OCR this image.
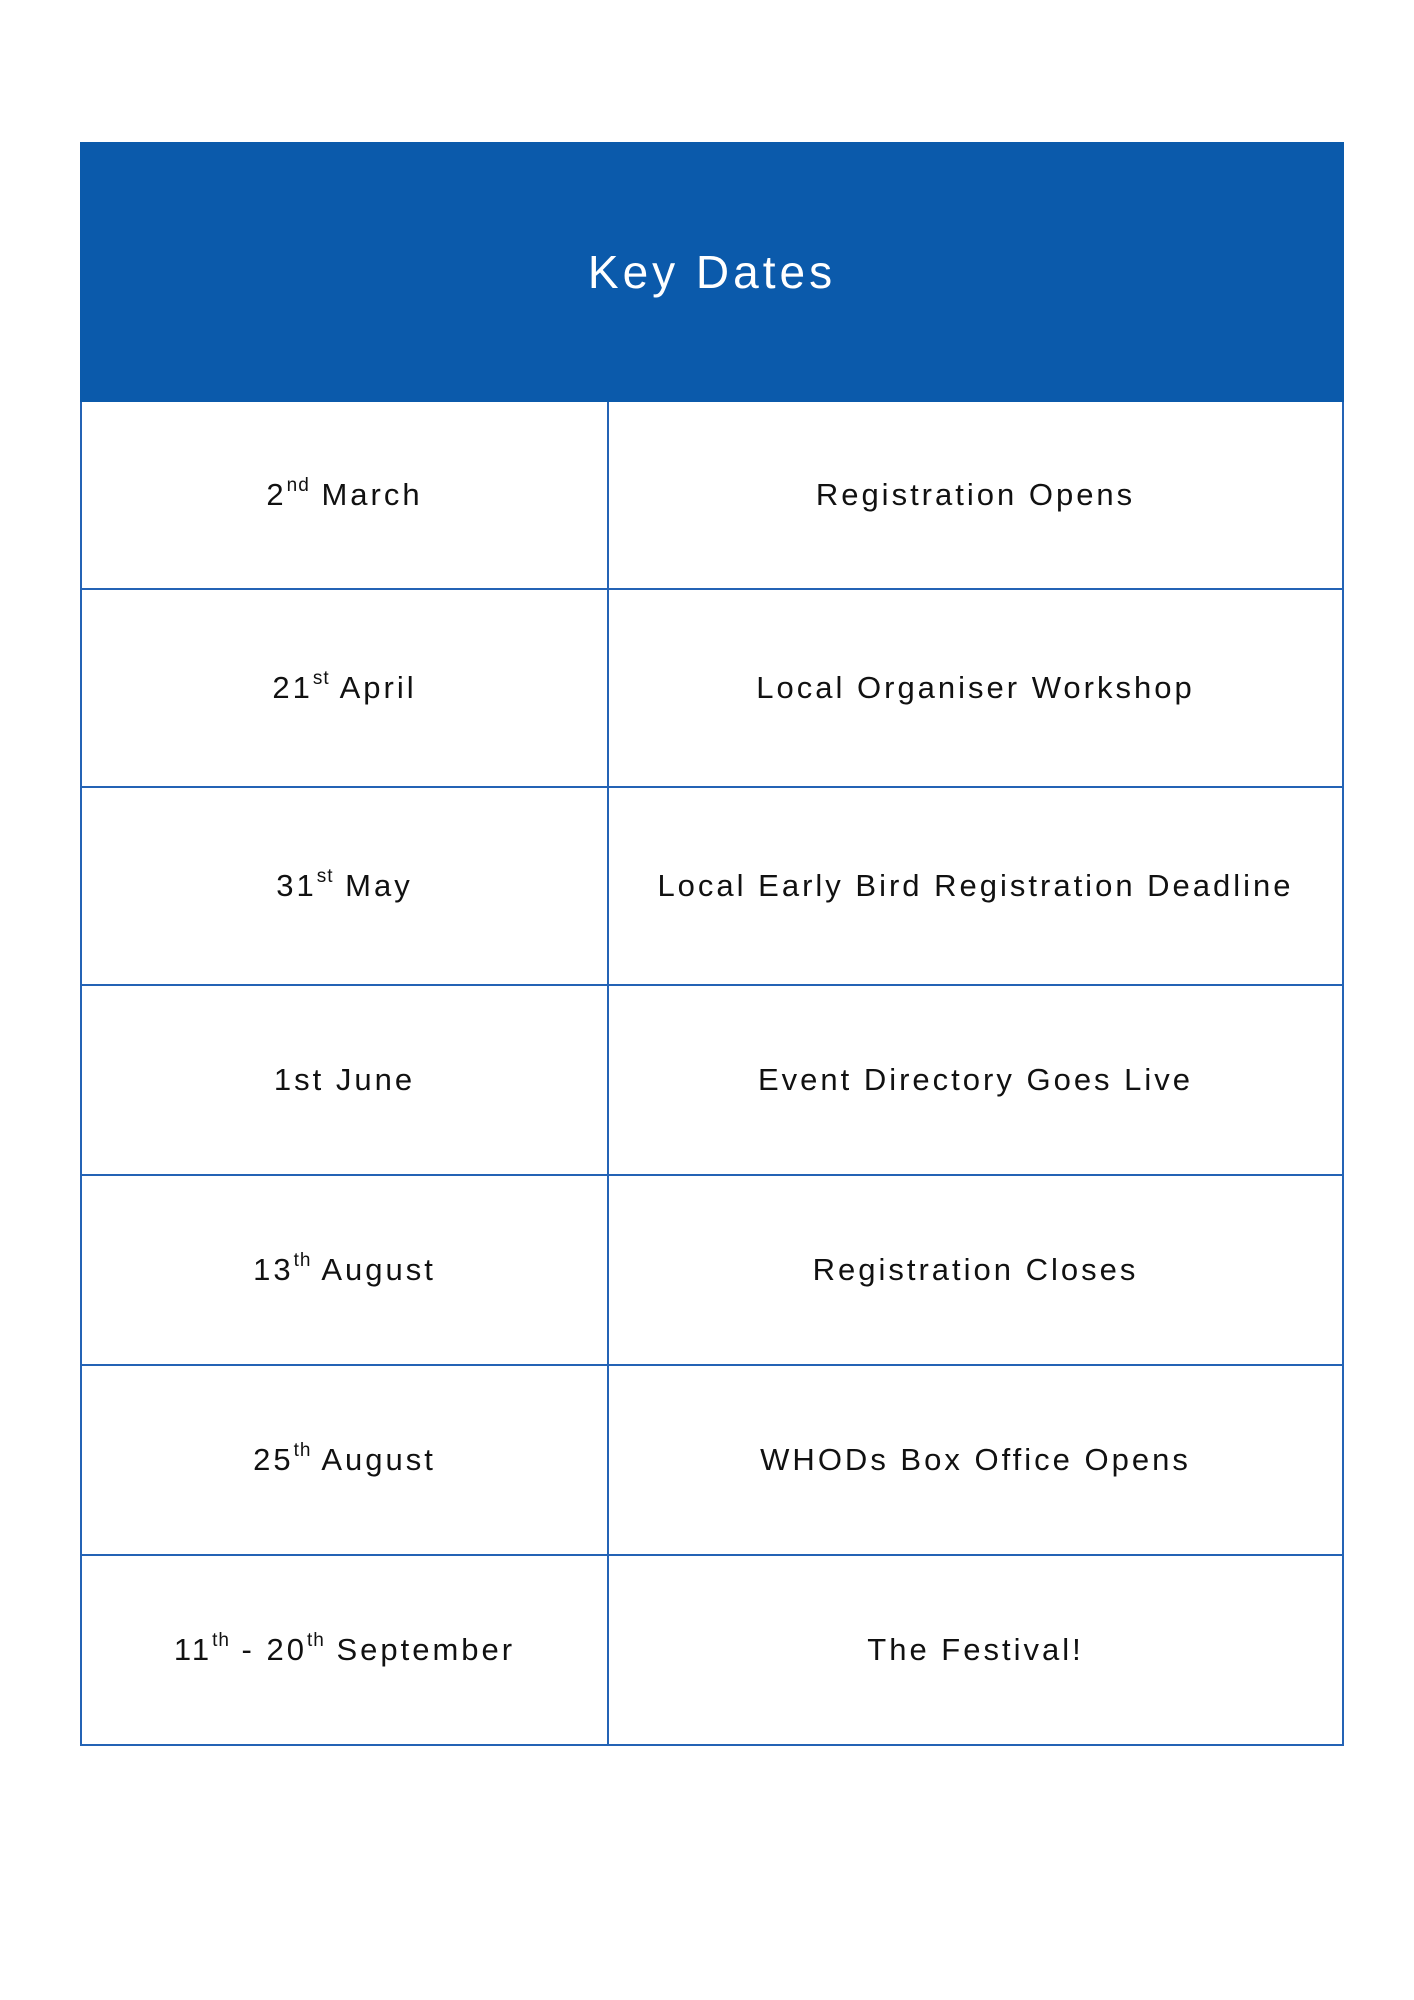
Key Dates	
2nd March	Registration Opens
21st April	Local Organiser Workshop
31st May	Local Early Bird Registration Deadline
1st June	Event Directory Goes Live
13th August	Registration Closes
25th August	WHODs Box Office Opens
11th - 20th September	The Festival!
